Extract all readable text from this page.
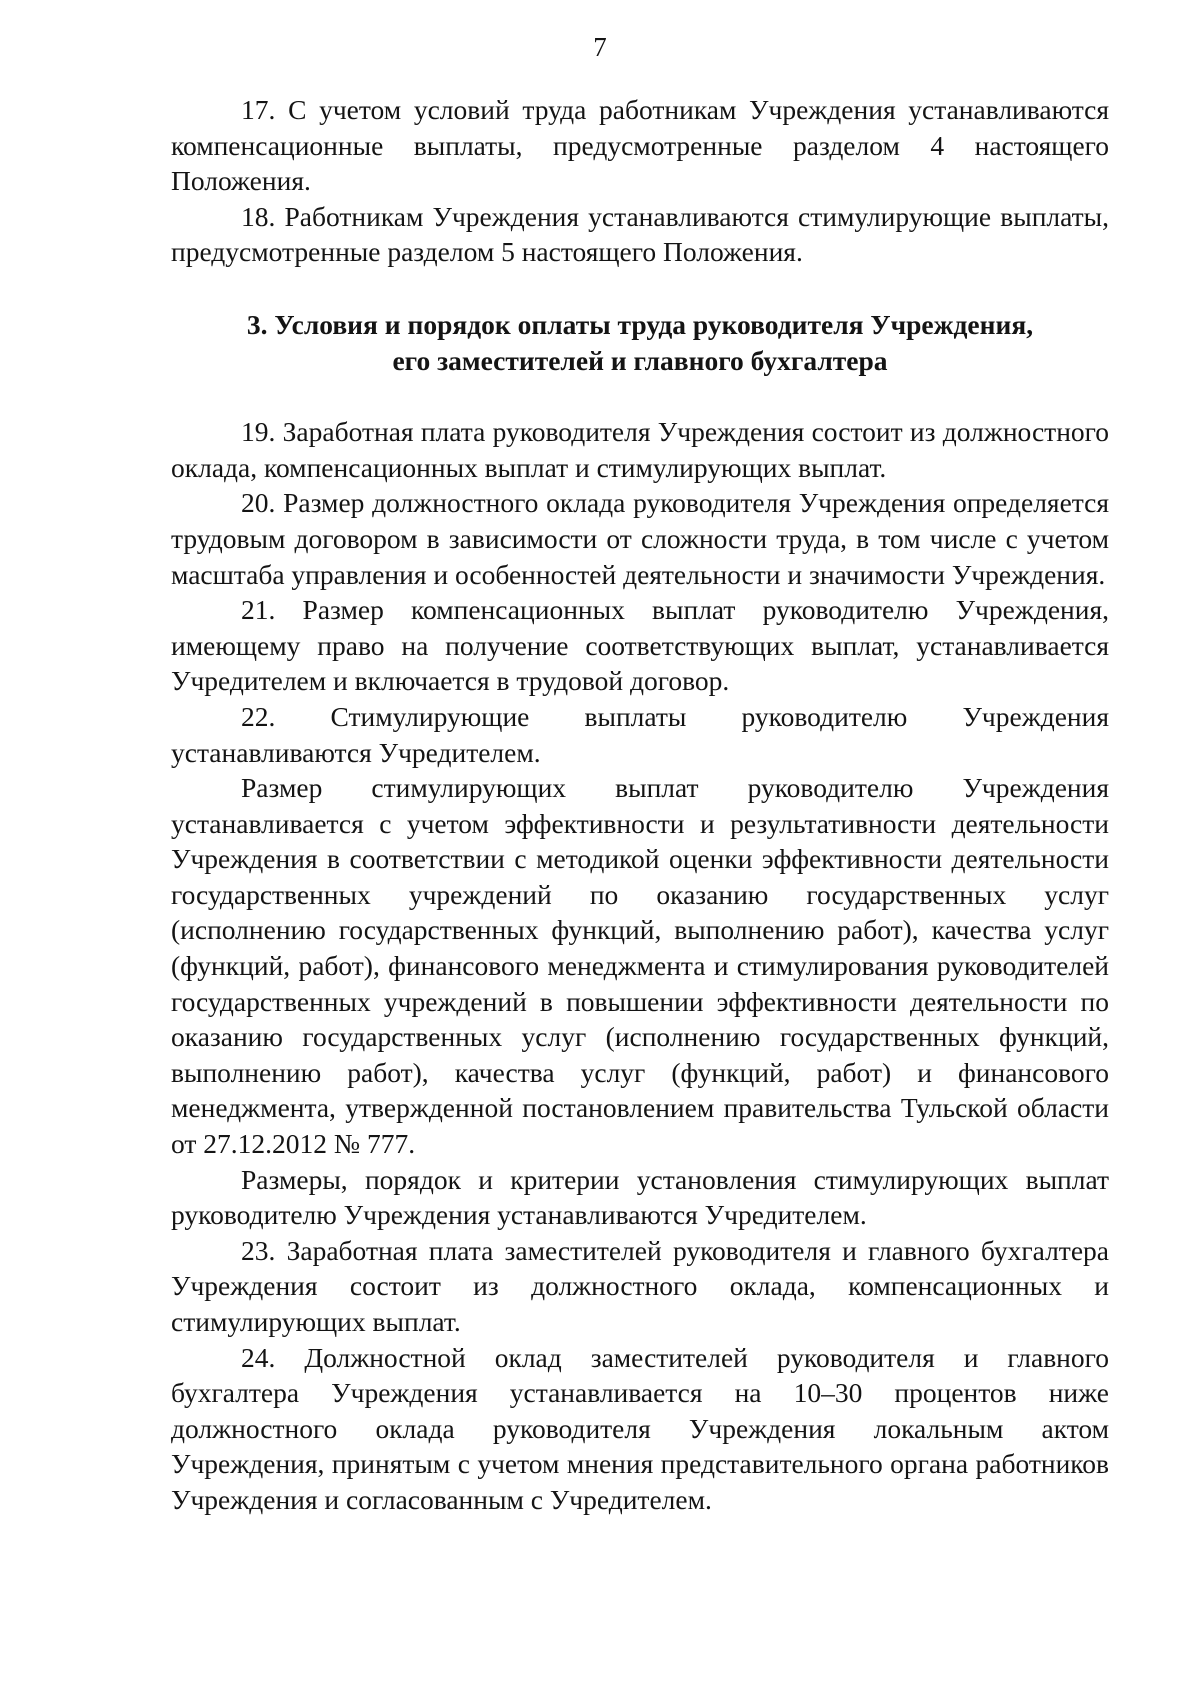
7

17. С учетом условий труда работникам Учреждения устанавливаются компенсационные выплаты, предусмотренные разделом 4 настоящего Положения.

18. Работникам Учреждения устанавливаются стимулирующие выплаты, предусмотренные разделом 5 настоящего Положения.

3. Условия и порядок оплаты труда руководителя Учреждения,
его заместителей и главного бухгалтера

19. Заработная плата руководителя Учреждения состоит из должностного оклада, компенсационных выплат и стимулирующих выплат.

20. Размер должностного оклада руководителя Учреждения определяется трудовым договором в зависимости от сложности труда, в том числе с учетом масштаба управления и особенностей деятельности и значимости Учреждения.

21. Размер компенсационных выплат руководителю Учреждения, имеющему право на получение соответствующих выплат, устанавливается Учредителем и включается в трудовой договор.

22. Стимулирующие выплаты руководителю Учреждения устанавливаются Учредителем.

Размер стимулирующих выплат руководителю Учреждения устанавливается с учетом эффективности и результативности деятельности Учреждения в соответствии с методикой оценки эффективности деятельности государственных учреждений по оказанию государственных услуг (исполнению государственных функций, выполнению работ), качества услуг (функций, работ), финансового менеджмента и стимулирования руководителей государственных учреждений в повышении эффективности деятельности по оказанию государственных услуг (исполнению государственных функций, выполнению работ), качества услуг (функций, работ) и финансового менеджмента, утвержденной постановлением правительства Тульской области от 27.12.2012 № 777.

Размеры, порядок и критерии установления стимулирующих выплат руководителю Учреждения устанавливаются Учредителем.

23. Заработная плата заместителей руководителя и главного бухгалтера Учреждения состоит из должностного оклада, компенсационных и стимулирующих выплат.

24. Должностной оклад заместителей руководителя и главного бухгалтера Учреждения устанавливается на 10–30 процентов ниже должностного оклада руководителя Учреждения локальным актом Учреждения, принятым с учетом мнения представительного органа работников Учреждения и согласованным с Учредителем.
